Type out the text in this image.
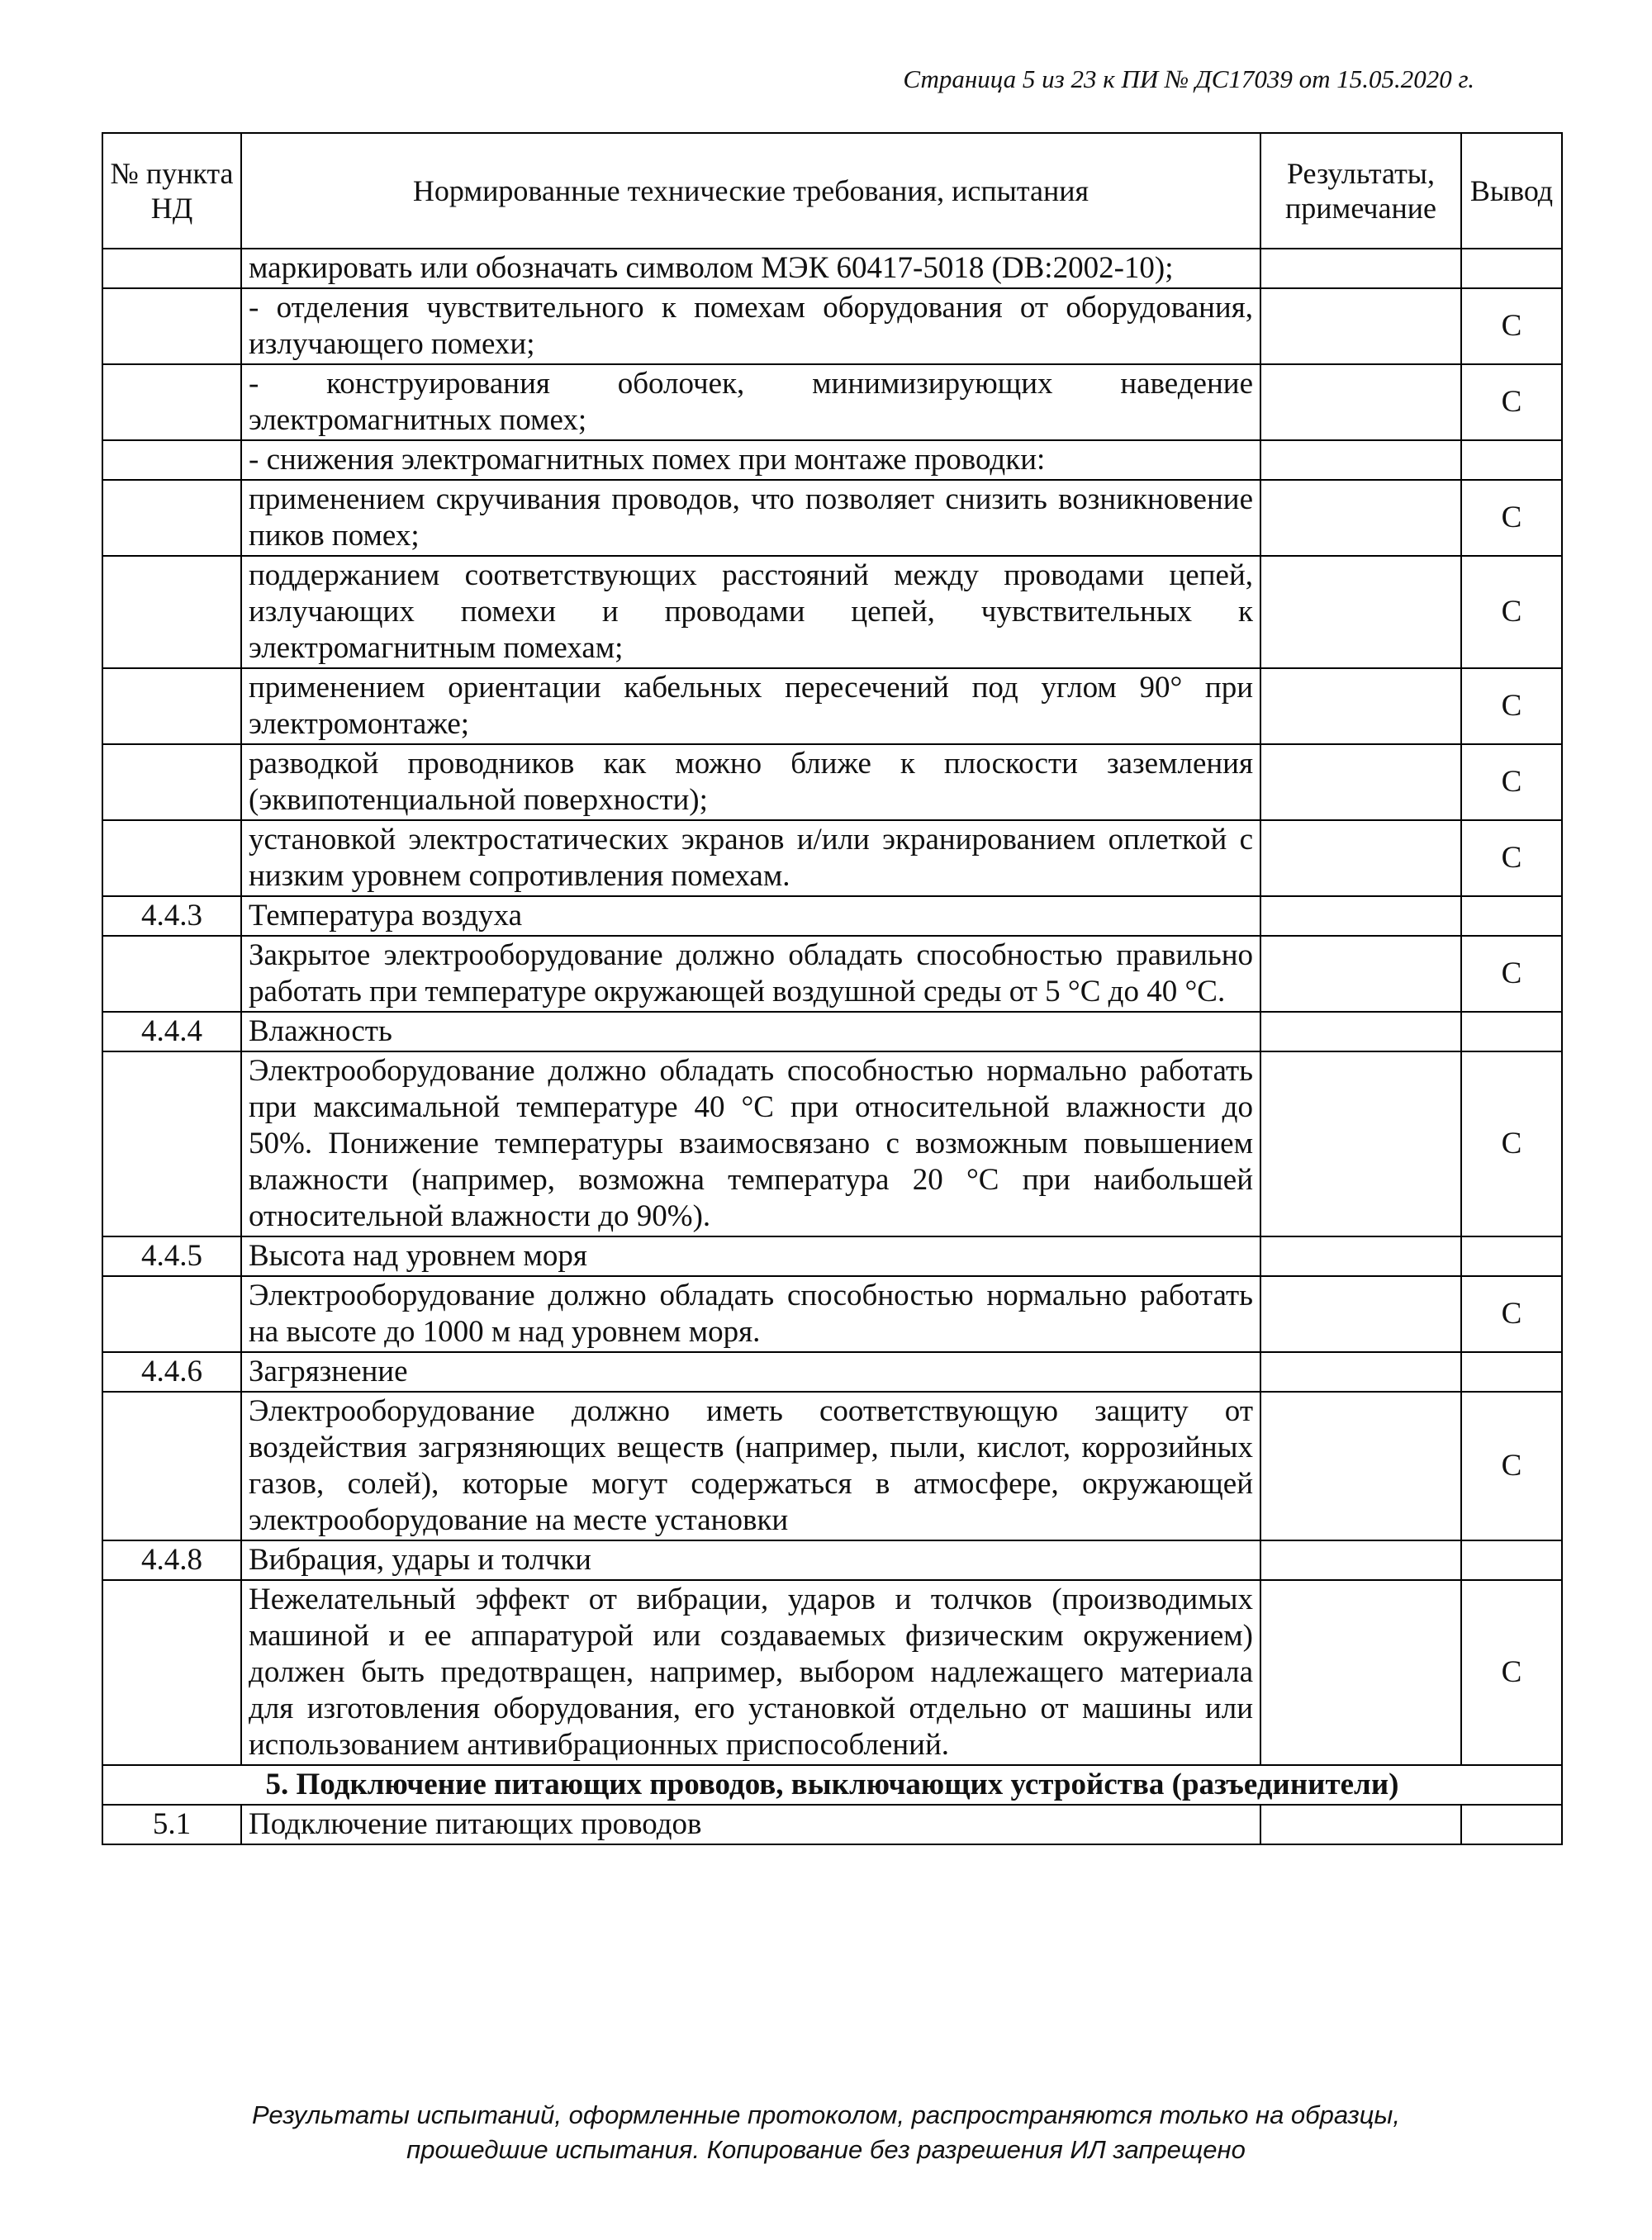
Страница 5 из 23 к ПИ № ДС17039 от 15.05.2020 г.
№ пункта НД	Нормированные технические требования, испытания	Результаты, примечание	Вывод
	маркировать или обозначать символом МЭК 60417-5018 (DB:2002-10);		
	- отделения чувствительного к помехам оборудования от оборудования, излучающего помехи;		С
	- конструирования оболочек, минимизирующих наведение электромагнитных помех;		С
	- снижения электромагнитных помех при монтаже проводки:		
	применением скручивания проводов, что позволяет снизить возникновение пиков помех;		С
	поддержанием соответствующих расстояний между проводами цепей, излучающих помехи и проводами цепей, чувствительных к электромагнитным помехам;		С
	применением ориентации кабельных пересечений под углом 90° при электромонтаже;		С
	разводкой проводников как можно ближе к плоскости заземления (эквипотенциальной поверхности);		С
	установкой электростатических экранов и/или экранированием оплеткой с низким уровнем сопротивления помехам.		С
4.4.3	Температура воздуха		
	Закрытое электрооборудование должно обладать способностью правильно работать при температуре окружающей воздушной среды от 5 °С до 40 °С.		С
4.4.4	Влажность		
	Электрооборудование должно обладать способностью нормально работать при максимальной температуре 40 °С при относительной влажности до 50%. Понижение температуры взаимосвязано с возможным повышением влажности (например, возможна температура 20 °С при наибольшей относительной влажности до 90%).		С
4.4.5	Высота над уровнем моря		
	Электрооборудование должно обладать способностью нормально работать на высоте до 1000 м над уровнем моря.		С
4.4.6	Загрязнение		
	Электрооборудование должно иметь соответствующую защиту от воздействия загрязняющих веществ (например, пыли, кислот, коррозийных газов, солей), которые могут содержаться в атмосфере, окружающей электрооборудование на месте установки		С
4.4.8	Вибрация, удары и толчки		
	Нежелательный эффект от вибрации, ударов и толчков (производимых машиной и ее аппаратурой или создаваемых физическим окружением) должен быть предотвращен, например, выбором надлежащего материала для изготовления оборудования, его установкой отдельно от машины или использованием антивибрационных приспособлений.		С
5. Подключение питающих проводов, выключающих устройства (разъединители)			
5.1	Подключение питающих проводов		
Результаты испытаний, оформленные протоколом, распространяются только на образцы,
прошедшие испытания. Копирование без разрешения ИЛ запрещено
